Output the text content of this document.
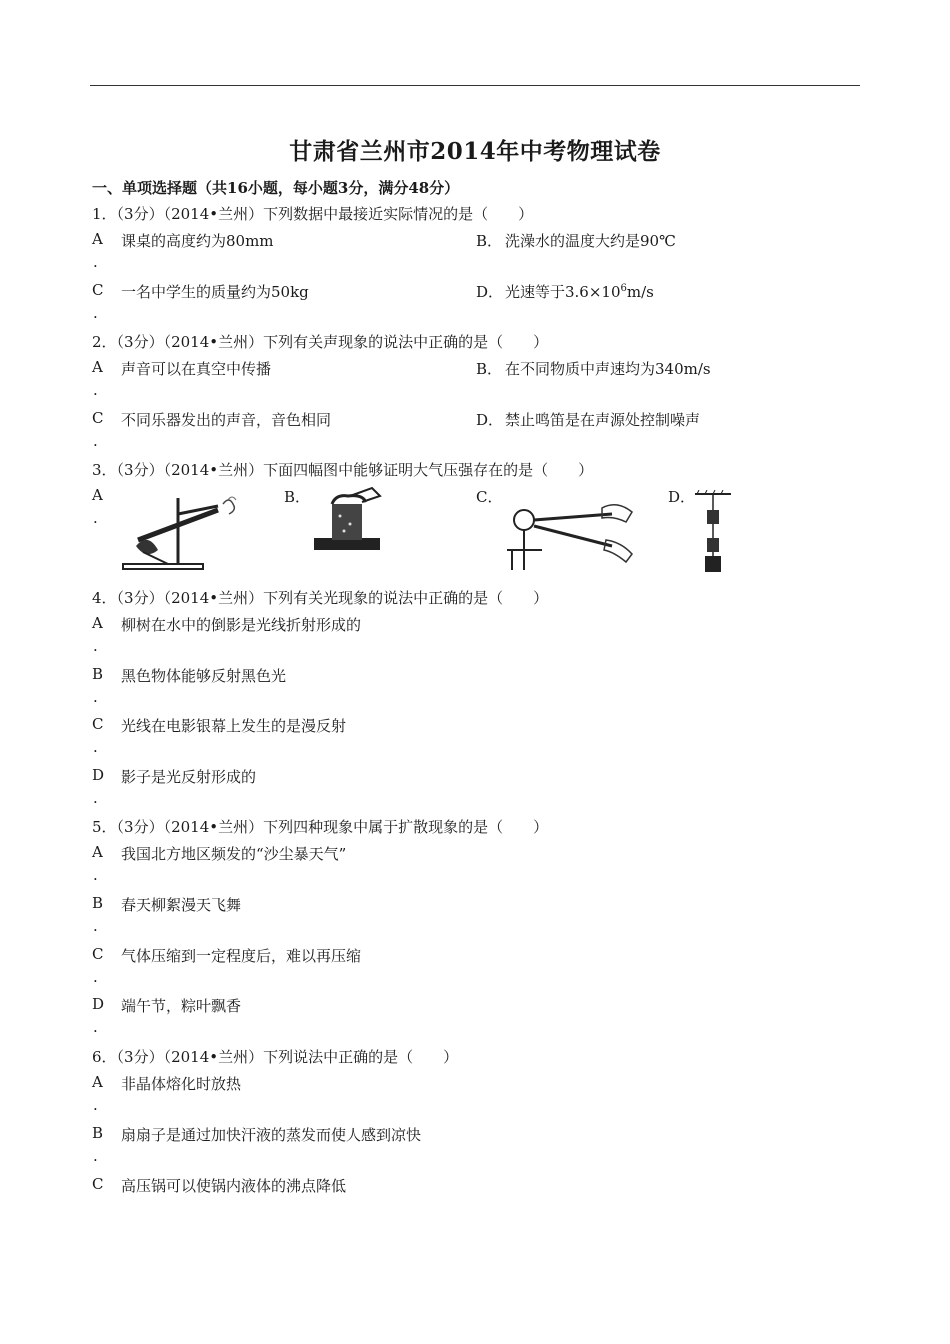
甘肃省兰州市2014年中考物理试卷
一、单项选择题（共16小题，每小题3分，满分48分）
1．（3分）（2014•兰州）下列数据中最接近实际情况的是（　　）
A
.
课桌的高度约为80mm	B． 洗澡水的温度大约是90℃
C
.
一名中学生的质量约为50kg	D． 光速等于$3.6\times 10^6m/s$
2．（3分）（2014•兰州）下列有关声现象的说法中正确的是（　　）
A
.
声音可以在真空中传播	B． 在不同物质中声速均为340m/s
C
.
不同乐器发出的声音，音色相同	D． 禁止鸣笛是在声源处控制噪声
3．（3分）（2014•兰州）下面四幅图中能够证明大气压强存在的是（　　）
A
.
B．	C．	D．
4．（3分）（2014•兰州）下列有关光现象的说法中正确的是（　　）
A
.
柳树在水中的倒影是光线折射形成的
B
.
黑色物体能够反射黑色光
C
.
光线在电影银幕上发生的是漫反射
D
.
影子是光反射形成的
5．（3分）（2014•兰州）下列四种现象中属于扩散现象的是（　　）
A
.
我国北方地区频发的“沙尘暴天气”
B
.
春天柳絮漫天飞舞
C
.
气体压缩到一定程度后，难以再压缩
D
.
端午节，粽叶飘香
6．（3分）（2014•兰州）下列说法中正确的是（　　）
A
.
非晶体熔化时放热
B
.
扇扇子是通过加快汗液的蒸发而使人感到凉快
C 高压锅可以使锅内液体的沸点降低
